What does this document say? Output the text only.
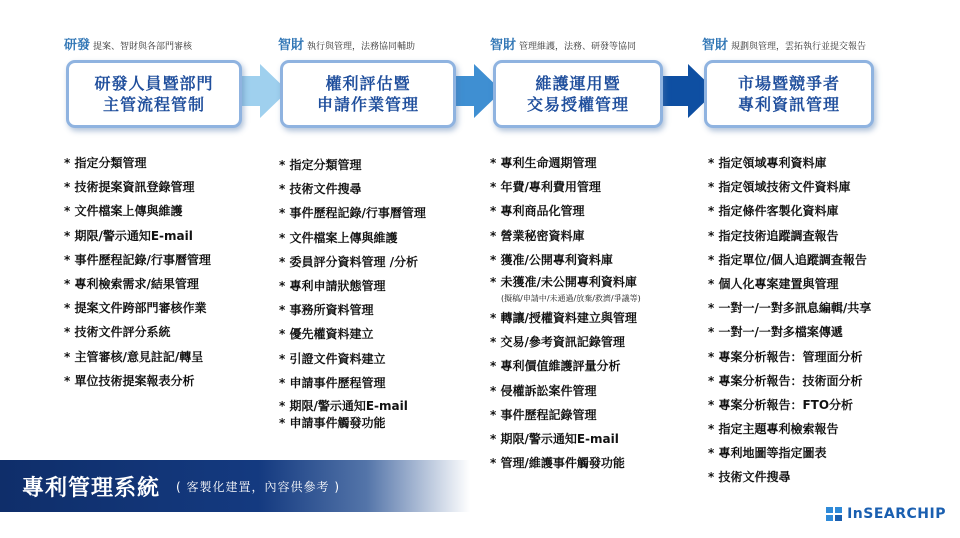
研發 提案、智財與各部門審核
研發人員暨部門
主管流程管制
* 指定分類管理
* 技術提案資訊登錄管理
* 文件檔案上傳與維護
* 期限/警示通知E-mail
* 事件歷程記錄/行事曆管理
* 專利檢索需求/結果管理
* 提案文件跨部門審核作業
* 技術文件評分系統
* 主管審核/意見註記/轉呈
* 單位技術提案報表分析
智財 執行與管理，法務協同輔助
權利評估暨
申請作業管理
* 指定分類管理
* 技術文件搜尋
* 事件歷程記錄/行事曆管理
* 文件檔案上傳與維護
* 委員評分資料管理 /分析
* 專利申請狀態管理
* 事務所資料管理
* 優先權資料建立
* 引證文件資料建立
* 申請事件歷程管理
* 期限/警示通知E-mail
* 申請事件觸發功能
智財 管理維護，法務、研發等協同
維護運用暨
交易授權管理
* 專利生命週期管理
* 年費/專利費用管理
* 專利商品化管理
* 營業秘密資料庫
* 獲准/公開專利資料庫
* 未獲准/未公開專利資料庫
(擬稿/申請中/未通過/放棄/救濟/爭議等)
* 轉讓/授權資料建立與管理
* 交易/參考資訊記錄管理
* 專利價值維護評量分析
* 侵權訴訟案件管理
* 事件歷程記錄管理
* 期限/警示通知E-mail
* 管理/維護事件觸發功能
智財 規劃與管理，雲拓執行並提交報告
市場暨競爭者
專利資訊管理
* 指定領域專利資料庫
* 指定領域技術文件資料庫
* 指定條件客製化資料庫
* 指定技術追蹤調查報告
* 指定單位/個人追蹤調查報告
* 個人化專案建置與管理
* 一對一/一對多訊息編輯/共享
* 一對一/一對多檔案傳遞
* 專案分析報告：管理面分析
* 專案分析報告：技術面分析
* 專案分析報告：FTO分析
* 指定主題專利檢索報告
* 專利地圖等指定圖表
* 技術文件搜尋
專利管理系統 ( 客製化建置，內容供參考 )
InSEARCHIP
